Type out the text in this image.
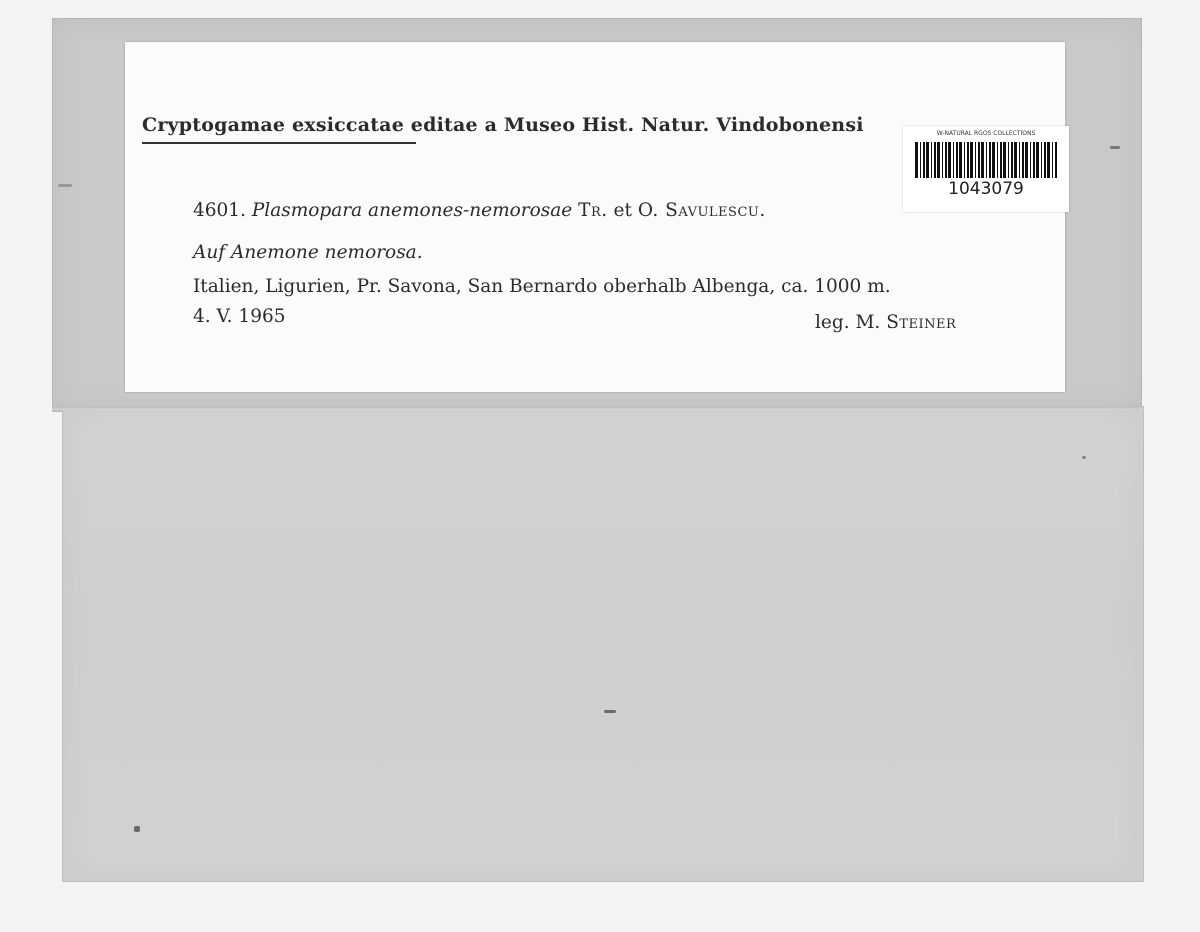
Cryptogamae exsiccatae editae a Museo Hist. Natur. Vindobonensi
4601. Plasmopara anemones-nemorosae Tr. et O. Savulescu.
Auf Anemone nemorosa.
Italien, Ligurien, Pr. Savona, San Bernardo oberhalb Albenga, ca. 1000 m.
4. V. 1965	leg. M. Steiner
W-NATURAL RGOS COLLECTIONS
1043079
